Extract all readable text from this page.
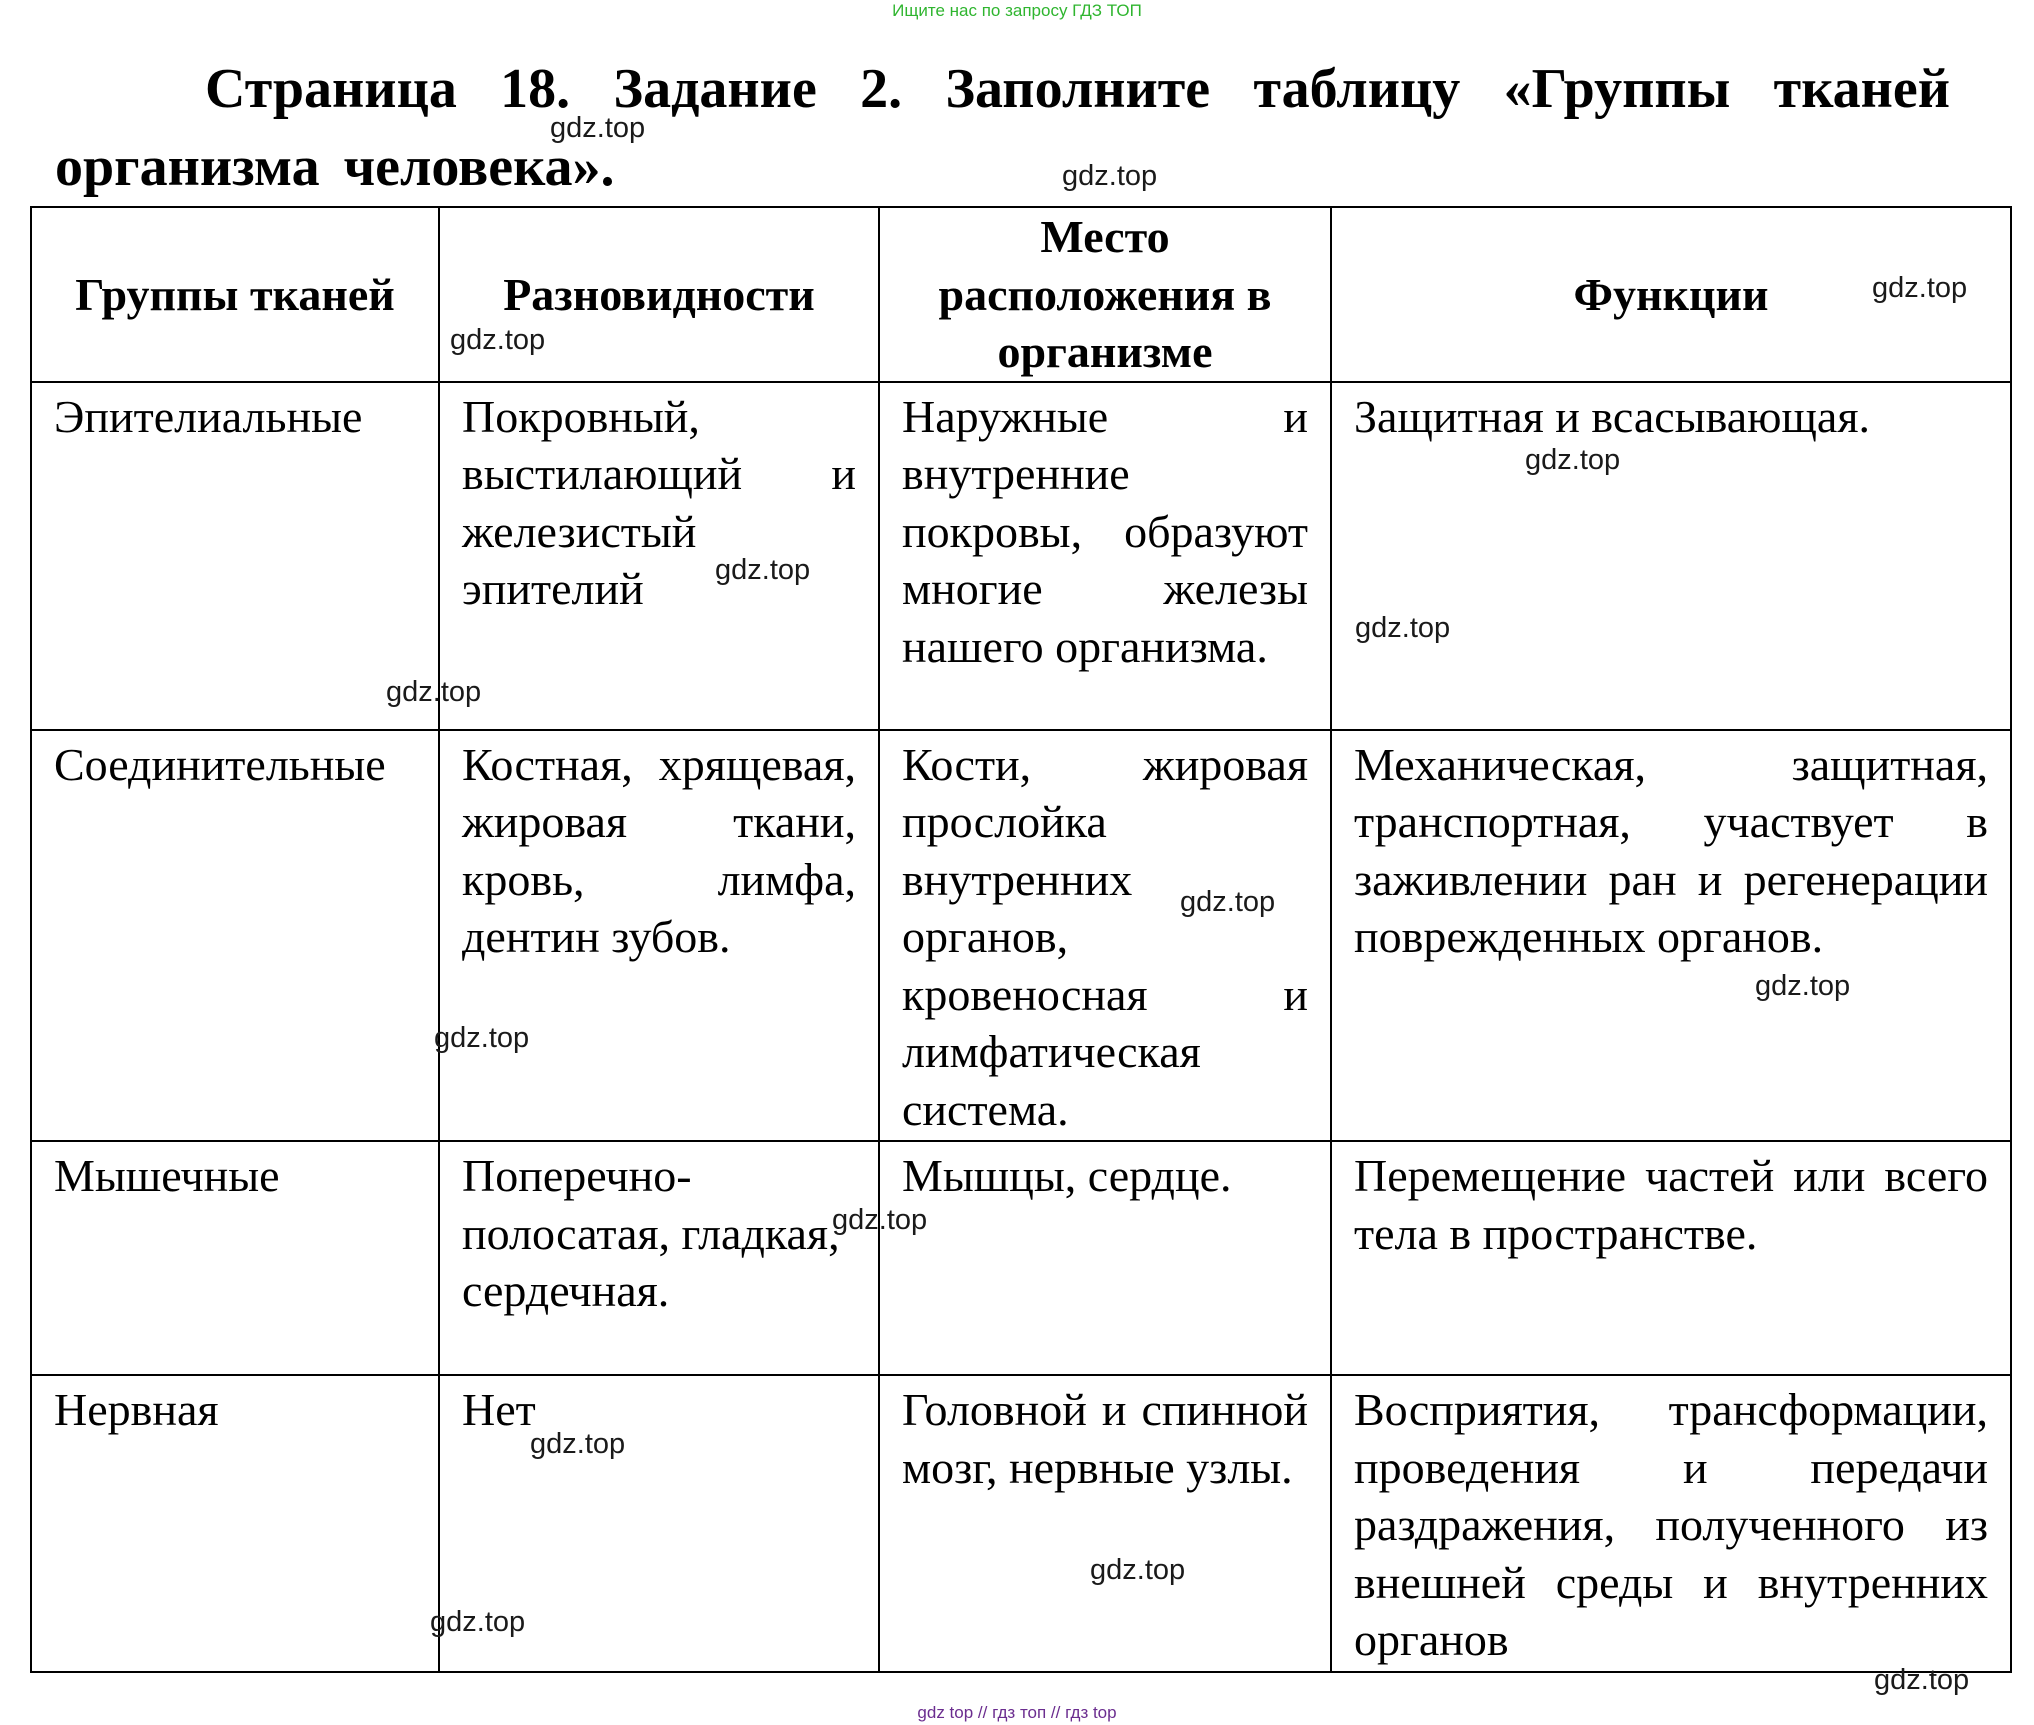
Ищите нас по запросу ГДЗ ТОП
Страница 18. Задание 2. Заполните таблицу «Группы тканей организма человека».
Группы тканей	Разновидности	Место расположения в организме	Функции
Эпителиальные	Покровный, выстилающий и железистый эпителий	Наружные и внутренние покровы, образуют многие железы нашего организма.	Защитная и всасывающая.
Соединительные	Костная, хрящевая, жировая ткани, кровь, лимфа, дентин зубов.	Кости, жировая прослойка внутренних органов, кровеносная и лимфатическая система.	Механическая, защитная, транспортная, участвует в заживлении ран и регенерации поврежденных органов.
Мышечные	Поперечно-полосатая, гладкая, сердечная.	Мышцы, сердце.	Перемещение частей или всего тела в пространстве.
Нервная	Нет	Головной и спинной мозг, нервные узлы.	Восприятия, трансформации, проведения и передачи раздражения, полученного из внешней среды и внутренних органов
gdz.top
gdz.top
gdz.top
gdz.top
gdz.top
gdz.top
gdz.top
gdz.top
gdz.top
gdz.top
gdz.top
gdz.top
gdz.top
gdz.top
gdz.top
gdz.top
gdz top // гдз топ // гдз top
